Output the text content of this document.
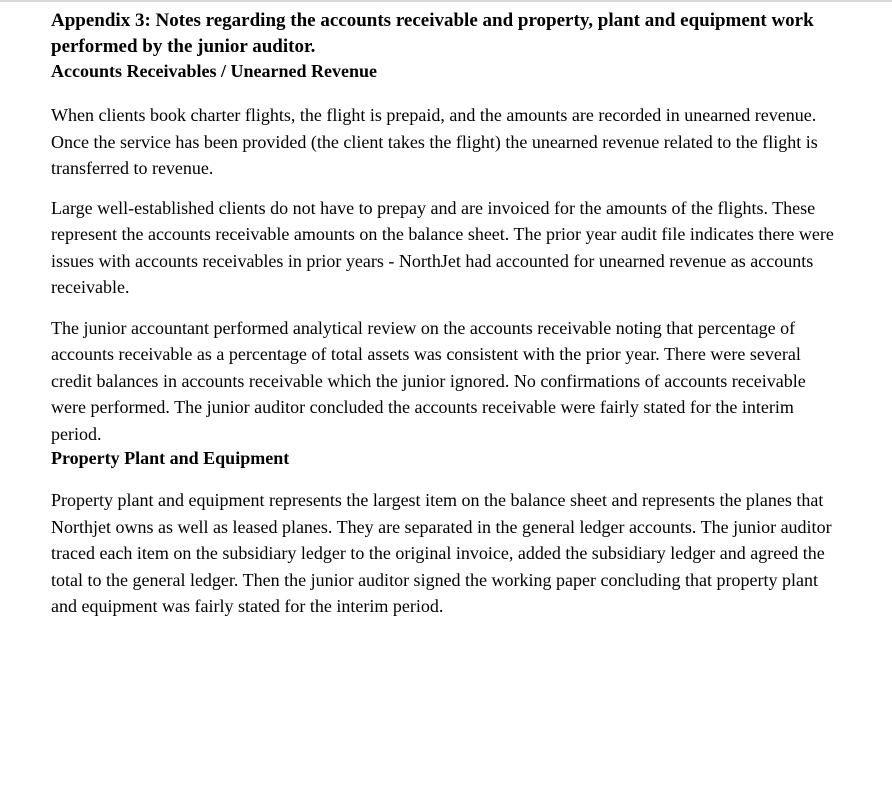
Appendix 3: Notes regarding the accounts receivable and property, plant and equipment work performed by the junior auditor.
Accounts Receivables / Unearned Revenue

When clients book charter flights, the flight is prepaid, and the amounts are recorded in unearned revenue. Once the service has been provided (the client takes the flight) the unearned revenue related to the flight is transferred to revenue.

Large well-established clients do not have to prepay and are invoiced for the amounts of the flights. These represent the accounts receivable amounts on the balance sheet. The prior year audit file indicates there were issues with accounts receivables in prior years - NorthJet had accounted for unearned revenue as accounts receivable.

The junior accountant performed analytical review on the accounts receivable noting that percentage of accounts receivable as a percentage of total assets was consistent with the prior year. There were several credit balances in accounts receivable which the junior ignored. No confirmations of accounts receivable were performed. The junior auditor concluded the accounts receivable were fairly stated for the interim period.

Property Plant and Equipment

Property plant and equipment represents the largest item on the balance sheet and represents the planes that Northjet owns as well as leased planes. They are separated in the general ledger accounts. The junior auditor traced each item on the subsidiary ledger to the original invoice, added the subsidiary ledger and agreed the total to the general ledger. Then the junior auditor signed the working paper concluding that property plant and equipment was fairly stated for the interim period.
